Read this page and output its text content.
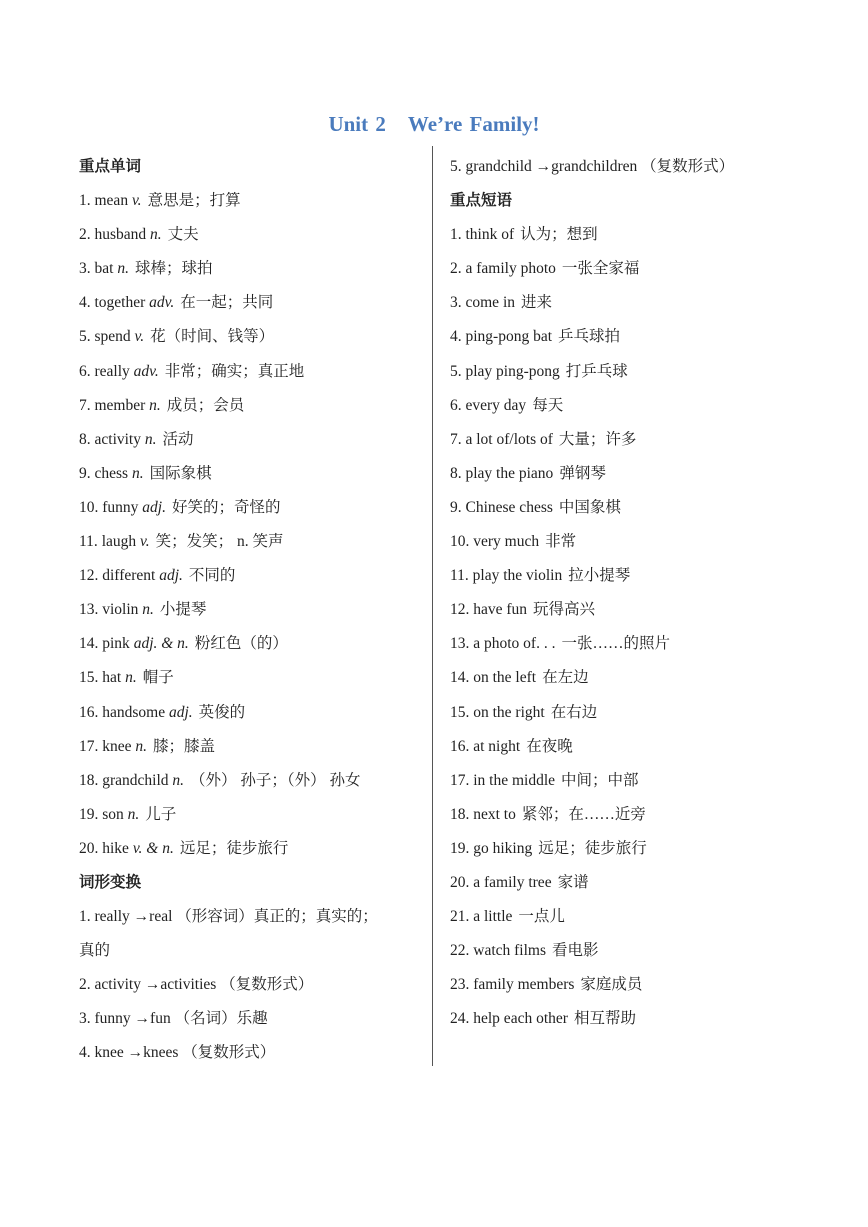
Unit 2 We’re Family!
重点单词
1. mean v. 意思是；打算
2. husband n. 丈夫
3. bat n. 球棒；球拍
4. together adv. 在一起；共同
5. spend v. 花（时间、钱等）
6. really adv. 非常；确实；真正地
7. member n. 成员；会员
8. activity n. 活动
9. chess n. 国际象棋
10. funny adj. 好笑的；奇怪的
11. laugh v. 笑；发笑； n. 笑声
12. different adj. 不同的
13. violin n. 小提琴
14. pink adj. & n. 粉红色（的）
15. hat n. 帽子
16. handsome adj. 英俊的
17. knee n. 膝；膝盖
18. grandchild n. （外） 孙子；（外） 孙女
19. son n. 儿子
20. hike v. & n. 远足；徒步旅行
词形变换
1. really →real （形容词）真正的；真实的；
真的
2. activity →activities （复数形式）
3. funny →fun （名词）乐趣
4. knee →knees （复数形式）
5. grandchild →grandchildren （复数形式）
重点短语
1. think of 认为；想到
2. a family photo 一张全家福
3. come in 进来
4. ping-pong bat 乒乓球拍
5. play ping-pong 打乒乓球
6. every day 每天
7. a lot of/lots of 大量；许多
8. play the piano 弹钢琴
9. Chinese chess 中国象棋
10. very much 非常
11. play the violin 拉小提琴
12. have fun 玩得高兴
13. a photo of. . . 一张……的照片
14. on the left 在左边
15. on the right 在右边
16. at night 在夜晚
17. in the middle 中间；中部
18. next to 紧邻；在……近旁
19. go hiking 远足；徒步旅行
20. a family tree 家谱
21. a little 一点儿
22. watch films 看电影
23. family members 家庭成员
24. help each other 相互帮助
